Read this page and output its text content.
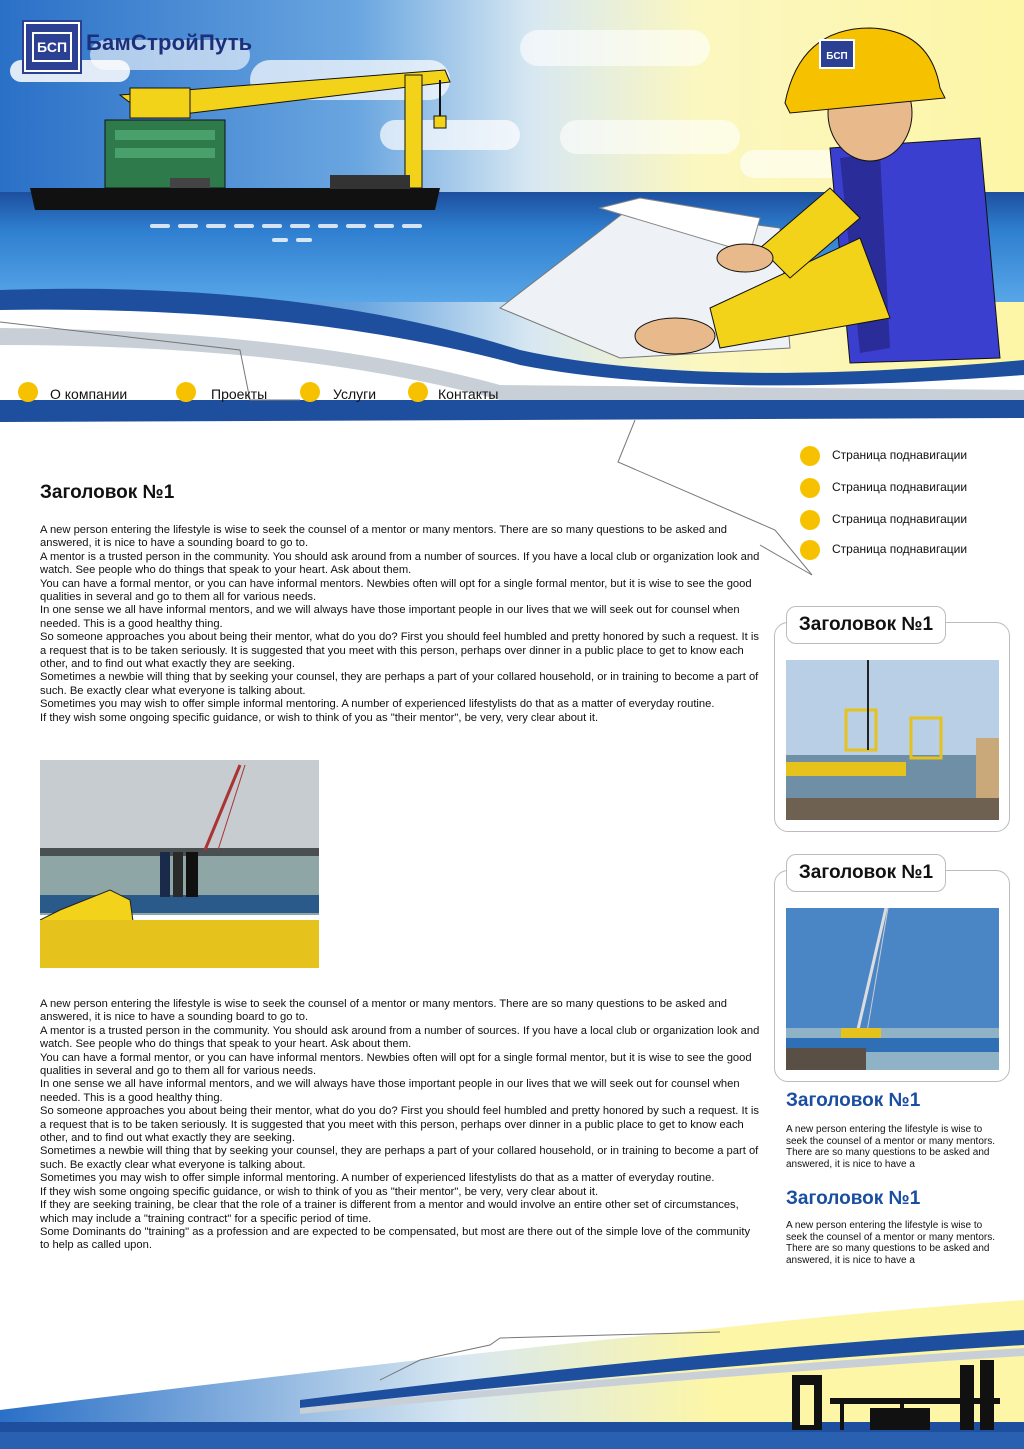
БСП БамСтройПуть
БСП
О компании	Проекты	Услуги	Контакты
Страница поднавигации
Страница поднавигации
Страница поднавигации
Страница поднавигации
Заголовок №1
A new person entering the lifestyle is wise to seek the counsel of a mentor or many mentors. There are so many questions to be asked and answered, it is nice to have a sounding board to go to.
A mentor is a trusted person in the community. You should ask around from a number of sources. If you have a local club or organization look and watch. See people who do things that speak to your heart. Ask about them.
You can have a formal mentor, or you can have informal mentors. Newbies often will opt for a single formal mentor, but it is wise to see the good qualities in several and go to them all for various needs.
In one sense we all have informal mentors, and we will always have those important people in our lives that we will seek out for counsel when needed. This is a good healthy thing.
So someone approaches you about being their mentor, what do you do? First you should feel humbled and pretty honored by such a request. It is a request that is to be taken seriously. It is suggested that you meet with this person, perhaps over dinner in a public place to get to know each other, and to find out what exactly they are seeking.
Sometimes a newbie will thing that by seeking your counsel, they are perhaps a part of your collared household, or in training to become a part of such. Be exactly clear what everyone is talking about.
Sometimes you may wish to offer simple informal mentoring. A number of experienced lifestylists do that as a matter of everyday routine.
If they wish some ongoing specific guidance, or wish to think of you as "their mentor", be very, very clear about it.
A new person entering the lifestyle is wise to seek the counsel of a mentor or many mentors. There are so many questions to be asked and answered, it is nice to have a sounding board to go to.
A mentor is a trusted person in the community. You should ask around from a number of sources. If you have a local club or organization look and watch. See people who do things that speak to your heart. Ask about them.
You can have a formal mentor, or you can have informal mentors. Newbies often will opt for a single formal mentor, but it is wise to see the good qualities in several and go to them all for various needs.
In one sense we all have informal mentors, and we will always have those important people in our lives that we will seek out for counsel when needed. This is a good healthy thing.
So someone approaches you about being their mentor, what do you do? First you should feel humbled and pretty honored by such a request. It is a request that is to be taken seriously. It is suggested that you meet with this person, perhaps over dinner in a public place to get to know each other, and to find out what exactly they are seeking.
Sometimes a newbie will thing that by seeking your counsel, they are perhaps a part of your collared household, or in training to become a part of such. Be exactly clear what everyone is talking about.
Sometimes you may wish to offer simple informal mentoring. A number of experienced lifestylists do that as a matter of everyday routine.
If they wish some ongoing specific guidance, or wish to think of you as "their mentor", be very, very clear about it.
If they are seeking training, be clear that the role of a trainer is different from a mentor and would involve an entire other set of circumstances, which may include a "training contract" for a specific period of time.
Some Dominants do "training" as a profession and are expected to be compensated, but most are there out of the simple love of the community to help as called upon.
Заголовок №1
Заголовок №1
Заголовок №1
A new person entering the lifestyle is wise to seek the counsel of a mentor or many mentors. There are so many questions to be asked and answered, it is nice to have a
Заголовок №1
A new person entering the lifestyle is wise to seek the counsel of a mentor or many mentors. There are so many questions to be asked and answered, it is nice to have a
